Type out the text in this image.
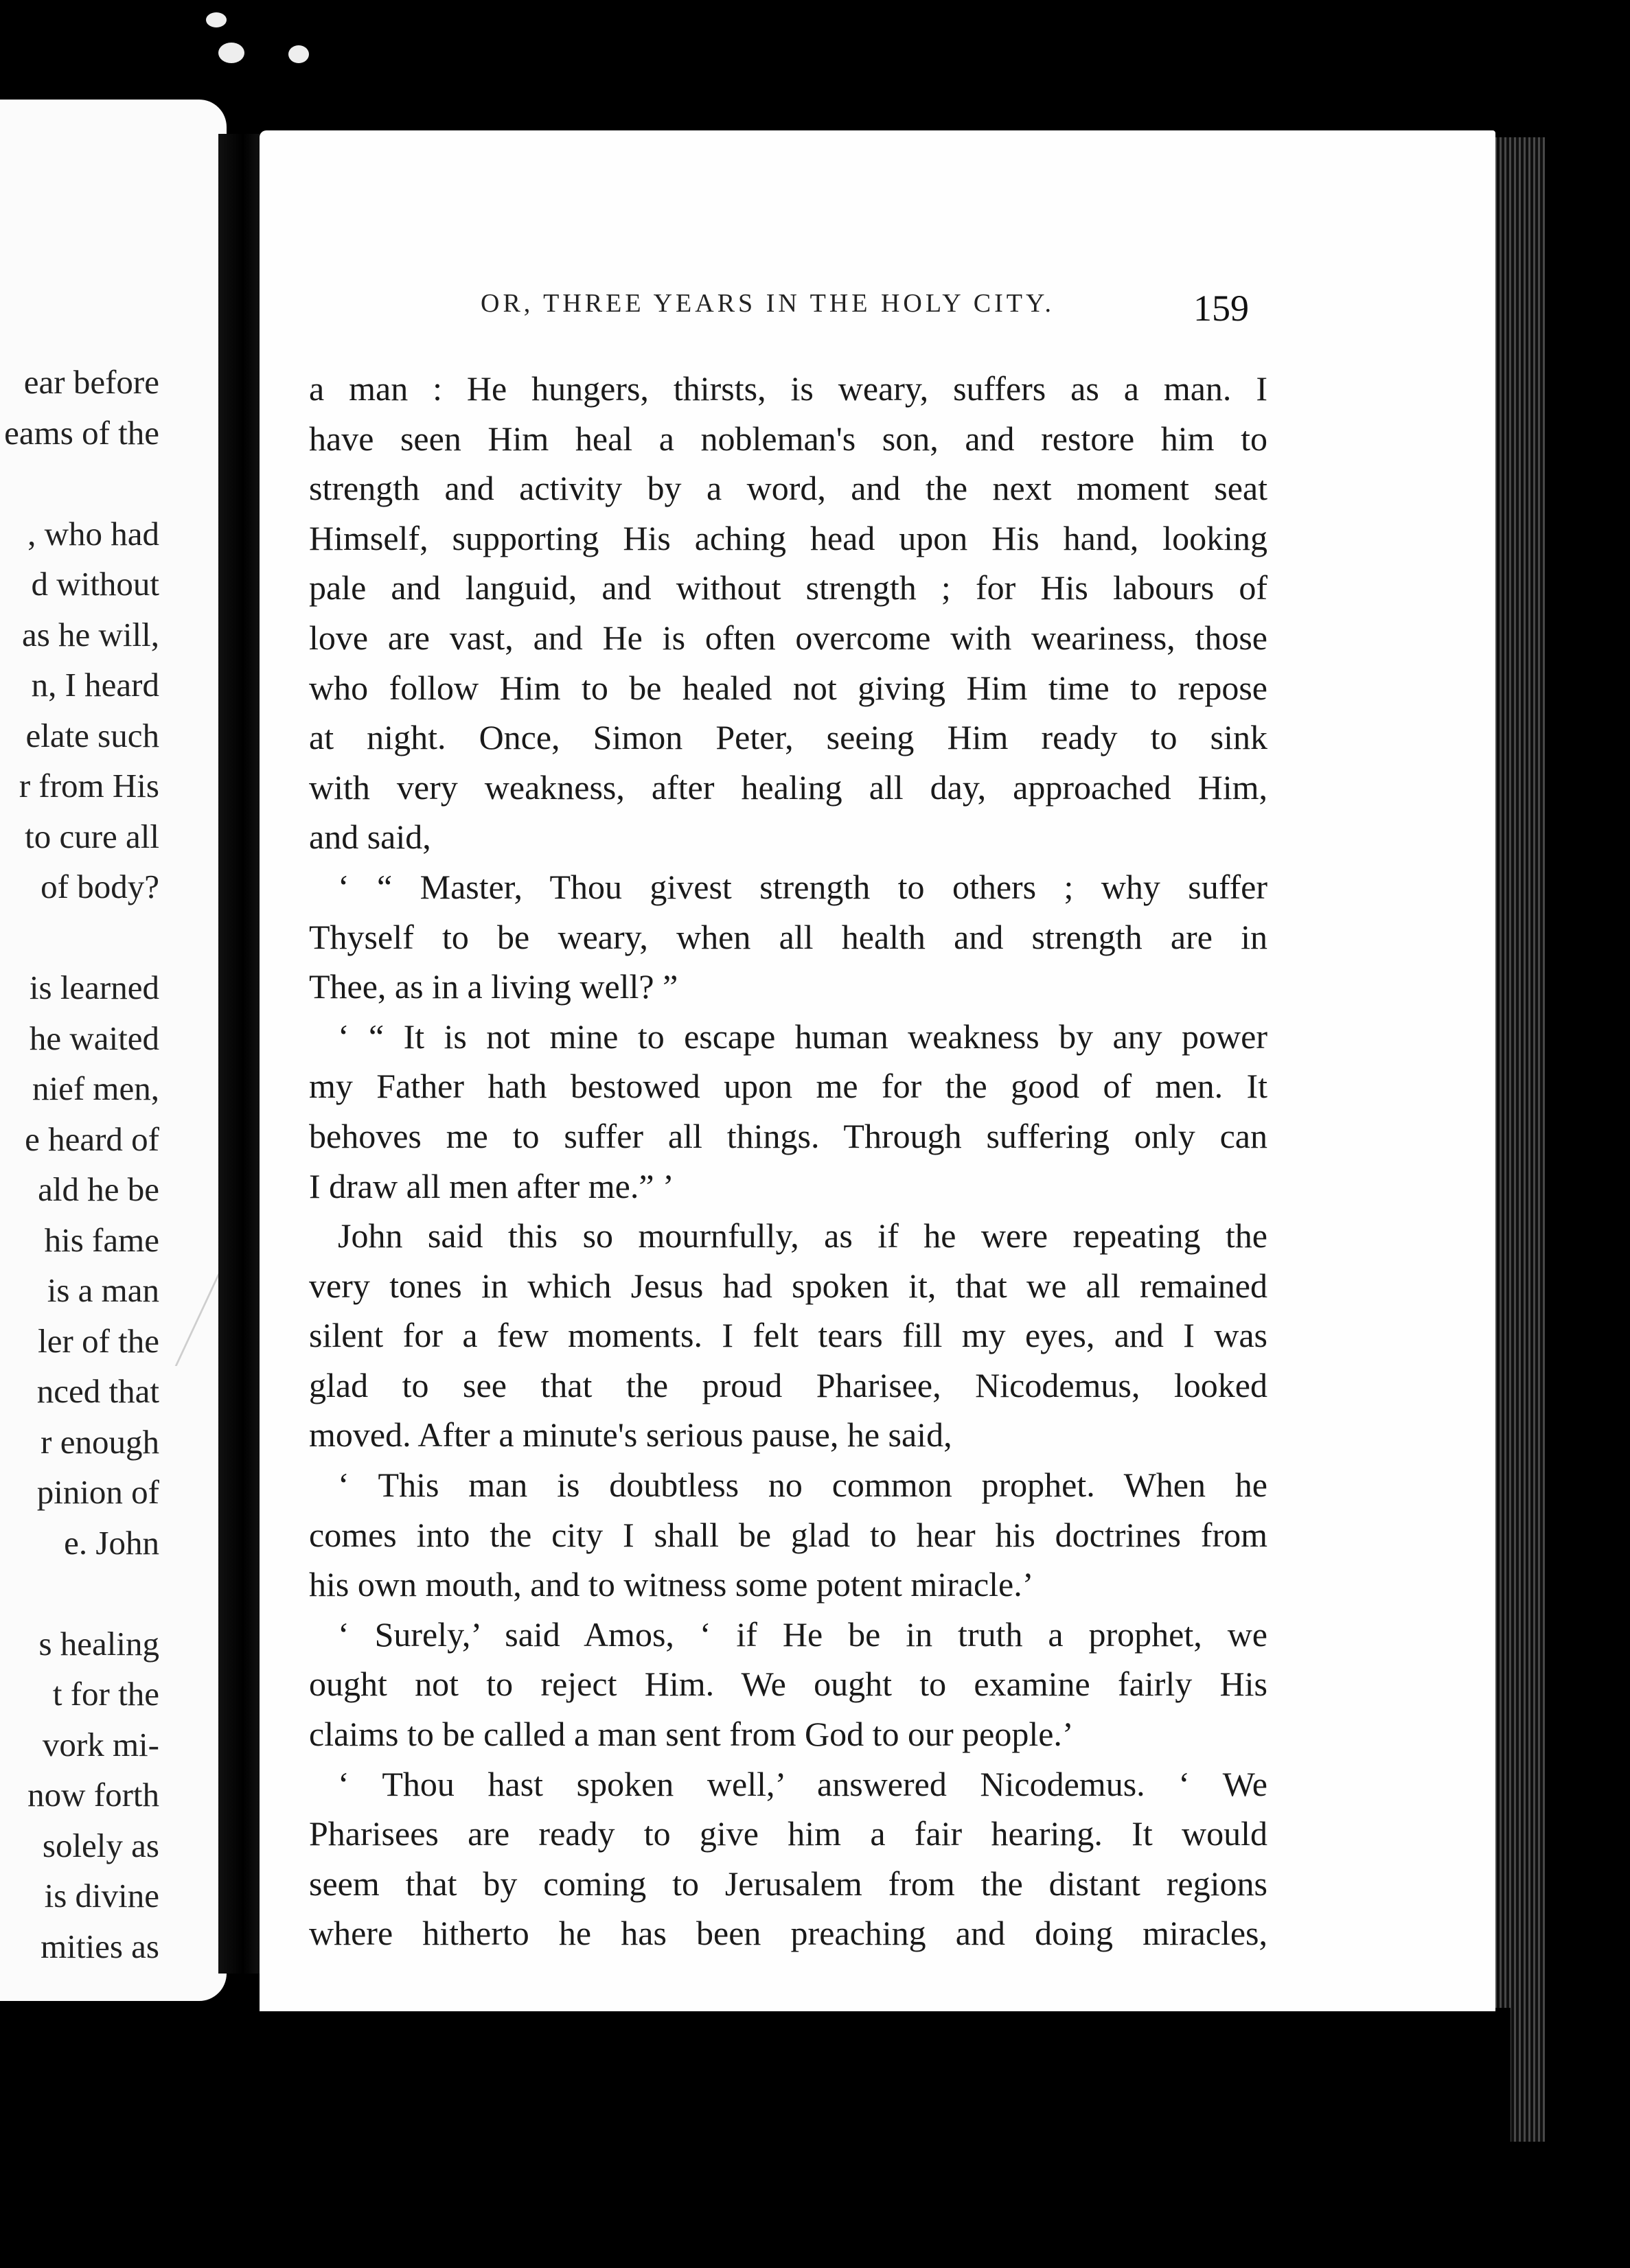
OR, THREE YEARS IN THE HOLY CITY.	159
a man : He hungers, thirsts, is weary, suffers as a man. I
have seen Him heal a nobleman's son, and restore him to
strength and activity by a word, and the next moment seat
Himself, supporting His aching head upon His hand, looking
pale and languid, and without strength ; for His labours of
love are vast, and He is often overcome with weariness, those
who follow Him to be healed not giving Him time to repose
at night. Once, Simon Peter, seeing Him ready to sink
with very weakness, after healing all day, approached Him,
and said,
‘ “ Master, Thou givest strength to others ; why suffer
Thyself to be weary, when all health and strength are in
Thee, as in a living well? ”
‘ “ It is not mine to escape human weakness by any power
my Father hath bestowed upon me for the good of men. It
behoves me to suffer all things. Through suffering only can
I draw all men after me.” ’
John said this so mournfully, as if he were repeating the
very tones in which Jesus had spoken it, that we all remained
silent for a few moments. I felt tears fill my eyes, and I was
glad to see that the proud Pharisee, Nicodemus, looked
moved. After a minute's serious pause, he said,
‘ This man is doubtless no common prophet. When he
comes into the city I shall be glad to hear his doctrines from
his own mouth, and to witness some potent miracle.’
‘ Surely,’ said Amos, ‘ if He be in truth a prophet, we
ought not to reject Him. We ought to examine fairly His
claims to be called a man sent from God to our people.’
‘ Thou hast spoken well,’ answered Nicodemus. ‘ We
Pharisees are ready to give him a fair hearing. It would
seem that by coming to Jerusalem from the distant regions
where hitherto he has been preaching and doing miracles,
ear before
eams of the
, who had
d without
as he will,
n, I heard
elate such
r from His
to cure all
of body?
is learned
he waited
nief men,
e heard of
ald he be
his fame
is a man
ler of the
nced that
r enough
pinion of
e. John
s healing
t for the
vork mi-
now forth
solely as
is divine
mities as
